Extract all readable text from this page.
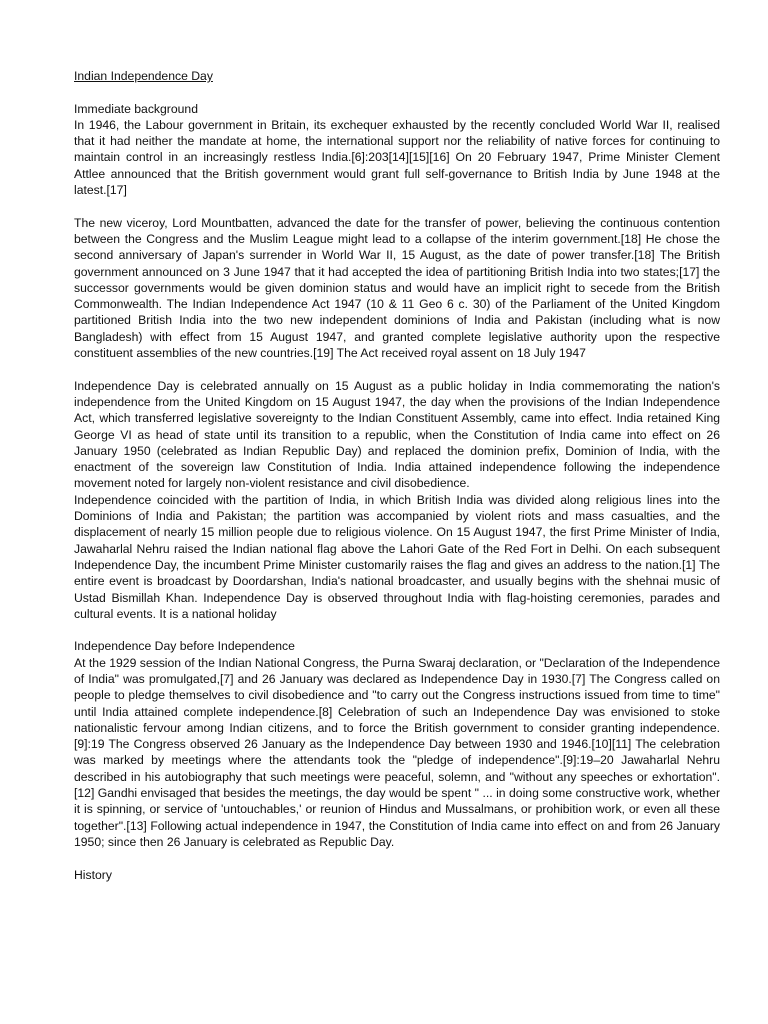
Indian Independence Day

Immediate background

In 1946, the Labour government in Britain, its exchequer exhausted by the recently concluded World War II, realised that it had neither the mandate at home, the international support nor the reliability of native forces for continuing to maintain control in an increasingly restless India.[6]:203[14][15][16] On 20 February 1947, Prime Minister Clement Attlee announced that the British government would grant full self-governance to British India by June 1948 at the latest.[17]

The new viceroy, Lord Mountbatten, advanced the date for the transfer of power, believing the continuous contention between the Congress and the Muslim League might lead to a collapse of the interim government.[18] He chose the second anniversary of Japan's surrender in World War II, 15 August, as the date of power transfer.[18] The British government announced on 3 June 1947 that it had accepted the idea of partitioning British India into two states;[17] the successor governments would be given dominion status and would have an implicit right to secede from the British Commonwealth. The Indian Independence Act 1947 (10 & 11 Geo 6 c. 30) of the Parliament of the United Kingdom partitioned British India into the two new independent dominions of India and Pakistan (including what is now Bangladesh) with effect from 15 August 1947, and granted complete legislative authority upon the respective constituent assemblies of the new countries.[19] The Act received royal assent on 18 July 1947

Independence Day is celebrated annually on 15 August as a public holiday in India commemorating the nation's independence from the United Kingdom on 15 August 1947, the day when the provisions of the Indian Independence Act, which transferred legislative sovereignty to the Indian Constituent Assembly, came into effect. India retained King George VI as head of state until its transition to a republic, when the Constitution of India came into effect on 26 January 1950 (celebrated as Indian Republic Day) and replaced the dominion prefix, Dominion of India, with the enactment of the sovereign law Constitution of India. India attained independence following the independence movement noted for largely non-violent resistance and civil disobedience.

Independence coincided with the partition of India, in which British India was divided along religious lines into the Dominions of India and Pakistan; the partition was accompanied by violent riots and mass casualties, and the displacement of nearly 15 million people due to religious violence. On 15 August 1947, the first Prime Minister of India, Jawaharlal Nehru raised the Indian national flag above the Lahori Gate of the Red Fort in Delhi. On each subsequent Independence Day, the incumbent Prime Minister customarily raises the flag and gives an address to the nation.[1] The entire event is broadcast by Doordarshan, India's national broadcaster, and usually begins with the shehnai music of Ustad Bismillah Khan. Independence Day is observed throughout India with flag-hoisting ceremonies, parades and cultural events. It is a national holiday

Independence Day before Independence

At the 1929 session of the Indian National Congress, the Purna Swaraj declaration, or "Declaration of the Independence of India" was promulgated,[7] and 26 January was declared as Independence Day in 1930.[7] The Congress called on people to pledge themselves to civil disobedience and "to carry out the Congress instructions issued from time to time" until India attained complete independence.[8] Celebration of such an Independence Day was envisioned to stoke nationalistic fervour among Indian citizens, and to force the British government to consider granting independence.[9]:19 The Congress observed 26 January as the Independence Day between 1930 and 1946.[10][11] The celebration was marked by meetings where the attendants took the "pledge of independence".[9]:19–20 Jawaharlal Nehru described in his autobiography that such meetings were peaceful, solemn, and "without any speeches or exhortation".[12] Gandhi envisaged that besides the meetings, the day would be spent " ... in doing some constructive work, whether it is spinning, or service of 'untouchables,' or reunion of Hindus and Mussalmans, or prohibition work, or even all these together".[13] Following actual independence in 1947, the Constitution of India came into effect on and from 26 January 1950; since then 26 January is celebrated as Republic Day.

History
